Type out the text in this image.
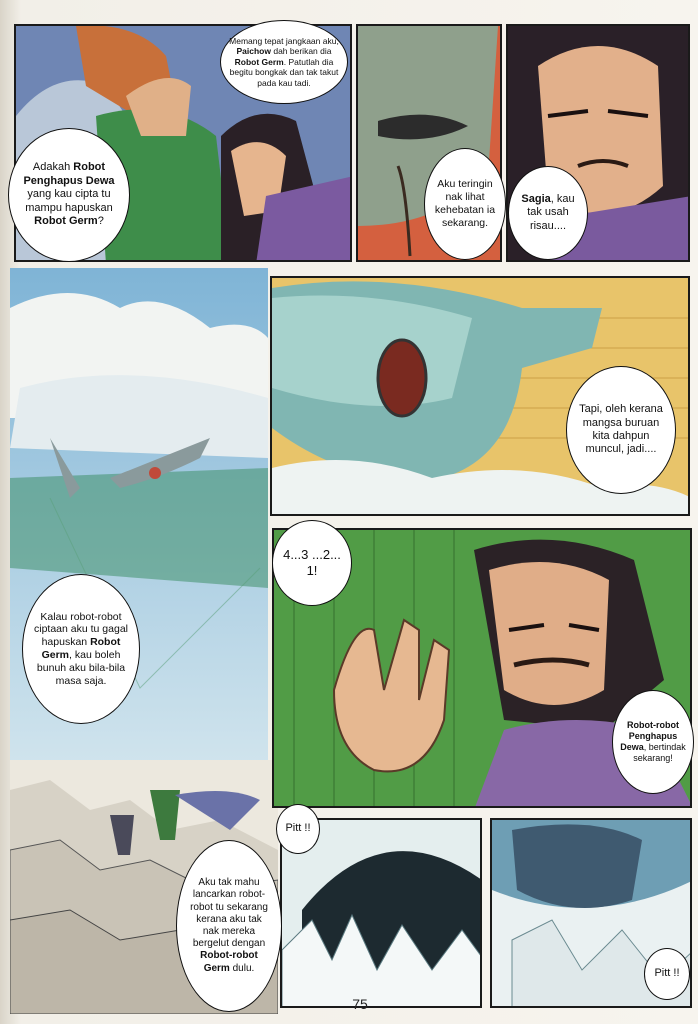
Memang tepat jangkaan aku, Paichow dah berikan dia Robot Germ. Patutlah dia begitu bongkak dan tak takut pada kau tadi.
Adakah Robot Penghapus Dewa yang kau cipta tu mampu hapuskan Robot Germ?
Aku teringin nak lihat kehebatan ia sekarang.
Sagia, kau tak usah risau....
Tapi, oleh kerana mangsa buruan kita dahpun muncul, jadi....
4...3 ...2... 1!
Kalau robot-robot ciptaan aku tu gagal hapuskan Robot Germ, kau boleh bunuh aku bila-bila masa saja.
Robot-robot Penghapus Dewa, bertindak sekarang!
Aku tak mahu lancarkan robot-robot tu sekarang kerana aku tak nak mereka bergelut dengan Robot-robot Germ dulu.
Pitt !!
Pitt !!
75
